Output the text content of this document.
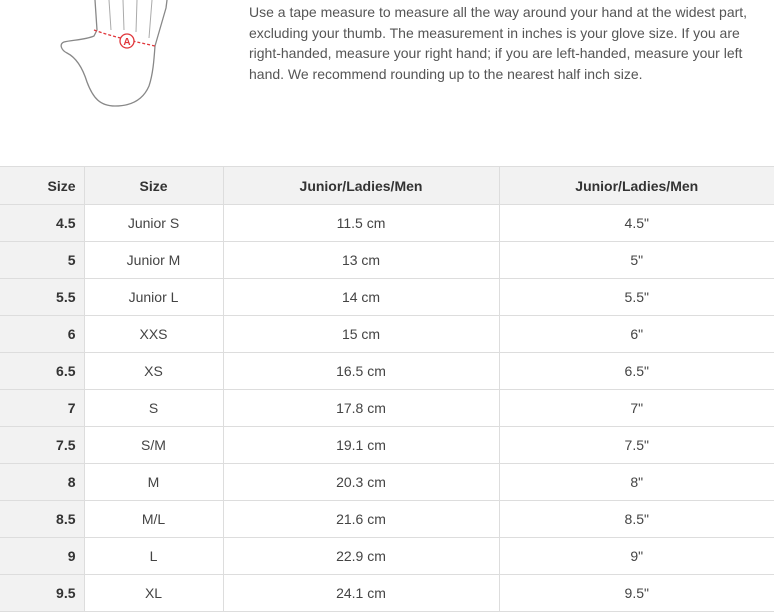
A

Use a tape measure to measure all the way around your hand at the widest part, excluding your thumb. The measurement in inches is your glove size. If you are right-handed, measure your right hand; if you are left-handed, measure your left hand. We recommend rounding up to the nearest half inch size.

Size	Size	Junior/Ladies/Men	Junior/Ladies/Men
4.5	Junior S	11.5 cm	4.5"
5	Junior M	13 cm	5"
5.5	Junior L	14 cm	5.5"
6	XXS	15 cm	6"
6.5	XS	16.5 cm	6.5"
7	S	17.8 cm	7"
7.5	S/M	19.1 cm	7.5"
8	M	20.3 cm	8"
8.5	M/L	21.6 cm	8.5"
9	L	22.9 cm	9"
9.5	XL	24.1 cm	9.5"
